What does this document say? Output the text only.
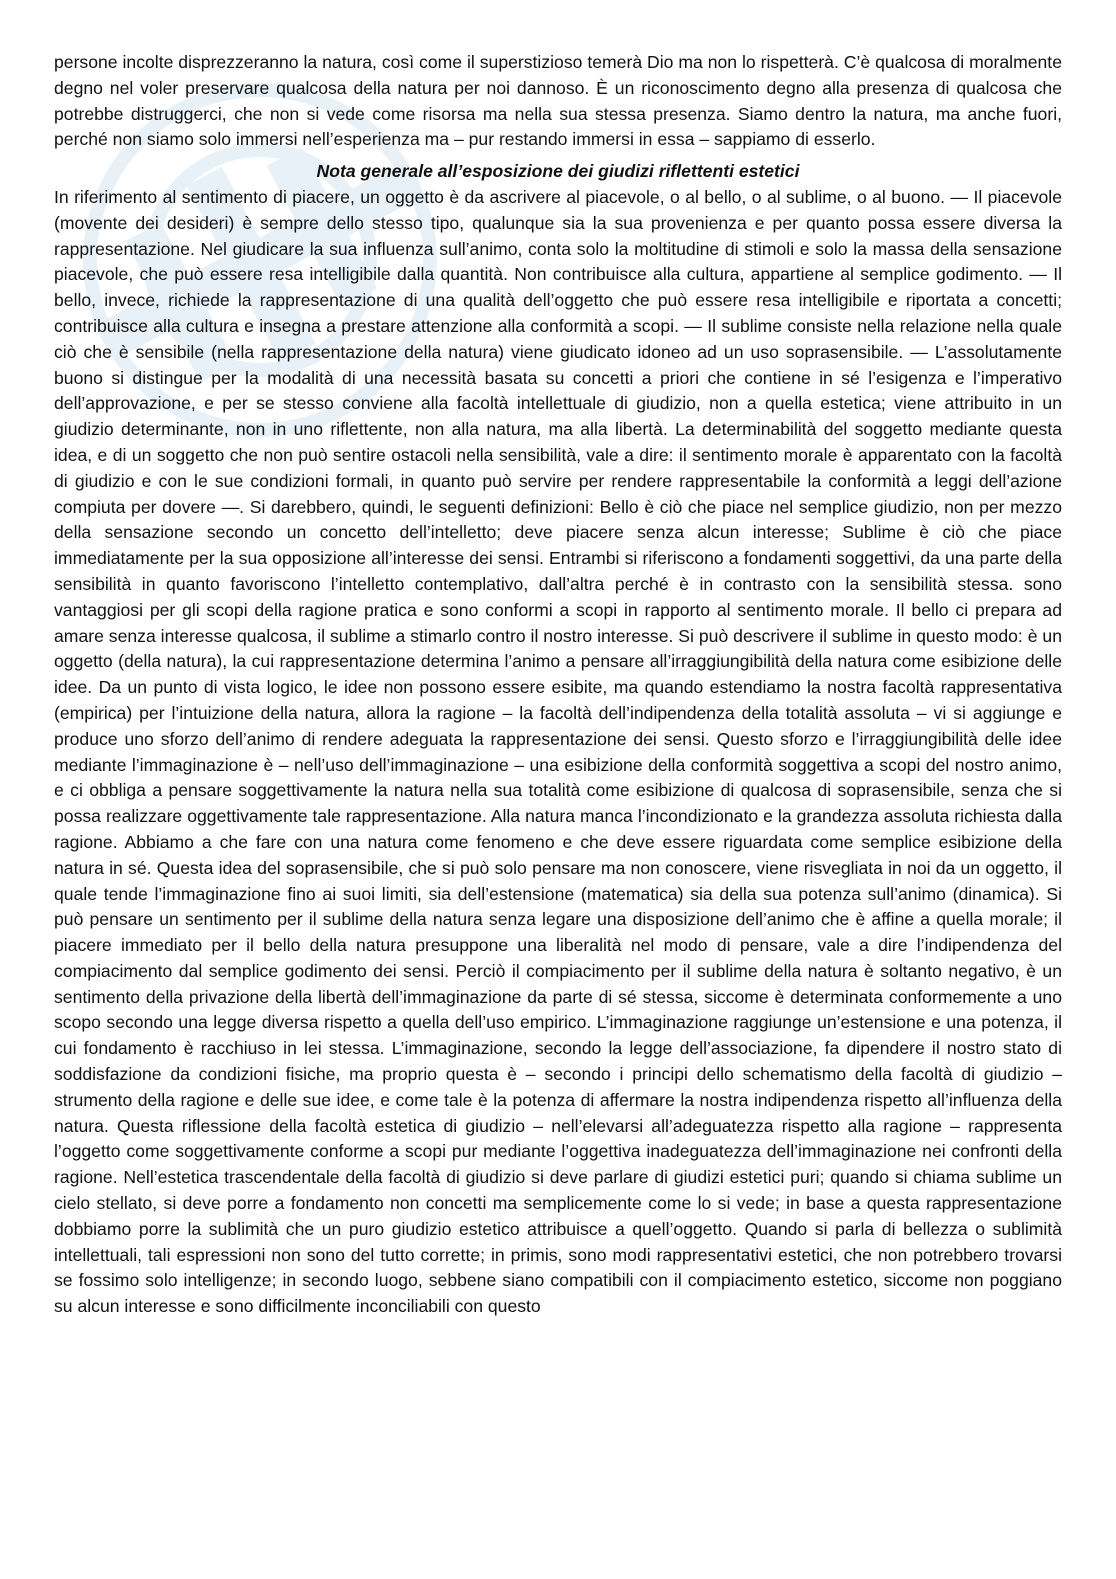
persone incolte disprezzeranno la natura, così come il superstizioso temerà Dio ma non lo rispetterà. C’è qualcosa di moralmente degno nel voler preservare qualcosa della natura per noi dannoso. È un riconoscimento degno alla presenza di qualcosa che potrebbe distruggerci, che non si vede come risorsa ma nella sua stessa presenza. Siamo dentro la natura, ma anche fuori, perché non siamo solo immersi nell’esperienza ma – pur restando immersi in essa – sappiamo di esserlo.

Nota generale all’esposizione dei giudizi riflettenti estetici

In riferimento al sentimento di piacere, un oggetto è da ascrivere al piacevole, o al bello, o al sublime, o al buono. — Il piacevole (movente dei desideri) è sempre dello stesso tipo, qualunque sia la sua provenienza e per quanto possa essere diversa la rappresentazione. Nel giudicare la sua influenza sull’animo, conta solo la moltitudine di stimoli e solo la massa della sensazione piacevole, che può essere resa intelligibile dalla quantità. Non contribuisce alla cultura, appartiene al semplice godimento. — Il bello, invece, richiede la rappresentazione di una qualità dell’oggetto che può essere resa intelligibile e riportata a concetti; contribuisce alla cultura e insegna a prestare attenzione alla conformità a scopi. — Il sublime consiste nella relazione nella quale ciò che è sensibile (nella rappresentazione della natura) viene giudicato idoneo ad un uso soprasensibile. — L’assolutamente buono si distingue per la modalità di una necessità basata su concetti a priori che contiene in sé l’esigenza e l’imperativo dell’approvazione, e per se stesso conviene alla facoltà intellettuale di giudizio, non a quella estetica; viene attribuito in un giudizio determinante, non in uno riflettente, non alla natura, ma alla libertà. La determinabilità del soggetto mediante questa idea, e di un soggetto che non può sentire ostacoli nella sensibilità, vale a dire: il sentimento morale è apparentato con la facoltà di giudizio e con le sue condizioni formali, in quanto può servire per rendere rappresentabile la conformità a leggi dell’azione compiuta per dovere —. Si darebbero, quindi, le seguenti definizioni: Bello è ciò che piace nel semplice giudizio, non per mezzo della sensazione secondo un concetto dell’intelletto; deve piacere senza alcun interesse; Sublime è ciò che piace immediatamente per la sua opposizione all’interesse dei sensi. Entrambi si riferiscono a fondamenti soggettivi, da una parte della sensibilità in quanto favoriscono l’intelletto contemplativo, dall’altra perché è in contrasto con la sensibilità stessa. sono vantaggiosi per gli scopi della ragione pratica e sono conformi a scopi in rapporto al sentimento morale. Il bello ci prepara ad amare senza interesse qualcosa, il sublime a stimarlo contro il nostro interesse. Si può descrivere il sublime in questo modo: è un oggetto (della natura), la cui rappresentazione determina l’animo a pensare all’irraggiungibilità della natura come esibizione delle idee. Da un punto di vista logico, le idee non possono essere esibite, ma quando estendiamo la nostra facoltà rappresentativa (empirica) per l’intuizione della natura, allora la ragione – la facoltà dell’indipendenza della totalità assoluta – vi si aggiunge e produce uno sforzo dell’animo di rendere adeguata la rappresentazione dei sensi. Questo sforzo e l’irraggiungibilità delle idee mediante l’immaginazione è – nell’uso dell’immaginazione – una esibizione della conformità soggettiva a scopi del nostro animo, e ci obbliga a pensare soggettivamente la natura nella sua totalità come esibizione di qualcosa di soprasensibile, senza che si possa realizzare oggettivamente tale rappresentazione. Alla natura manca l’incondizionato e la grandezza assoluta richiesta dalla ragione. Abbiamo a che fare con una natura come fenomeno e che deve essere riguardata come semplice esibizione della natura in sé. Questa idea del soprasensibile, che si può solo pensare ma non conoscere, viene risvegliata in noi da un oggetto, il quale tende l’immaginazione fino ai suoi limiti, sia dell’estensione (matematica) sia della sua potenza sull’animo (dinamica). Si può pensare un sentimento per il sublime della natura senza legare una disposizione dell’animo che è affine a quella morale; il piacere immediato per il bello della natura presuppone una liberalità nel modo di pensare, vale a dire l’indipendenza del compiacimento dal semplice godimento dei sensi. Perciò il compiacimento per il sublime della natura è soltanto negativo, è un sentimento della privazione della libertà dell’immaginazione da parte di sé stessa, siccome è determinata conformemente a uno scopo secondo una legge diversa rispetto a quella dell’uso empirico. L’immaginazione raggiunge un’estensione e una potenza, il cui fondamento è racchiuso in lei stessa. L’immaginazione, secondo la legge dell’associazione, fa dipendere il nostro stato di soddisfazione da condizioni fisiche, ma proprio questa è – secondo i principi dello schematismo della facoltà di giudizio – strumento della ragione e delle sue idee, e come tale è la potenza di affermare la nostra indipendenza rispetto all’influenza della natura. Questa riflessione della facoltà estetica di giudizio – nell’elevarsi all’adeguatezza rispetto alla ragione – rappresenta l’oggetto come soggettivamente conforme a scopi pur mediante l’oggettiva inadeguatezza dell’immaginazione nei confronti della ragione. Nell’estetica trascendentale della facoltà di giudizio si deve parlare di giudizi estetici puri; quando si chiama sublime un cielo stellato, si deve porre a fondamento non concetti ma semplicemente come lo si vede; in base a questa rappresentazione dobbiamo porre la sublimità che un puro giudizio estetico attribuisce a quell’oggetto. Quando si parla di bellezza o sublimità intellettuali, tali espressioni non sono del tutto corrette; in primis, sono modi rappresentativi estetici, che non potrebbero trovarsi se fossimo solo intelligenze; in secondo luogo, sebbene siano compatibili con il compiacimento estetico, siccome non poggiano su alcun interesse e sono difficilmente inconciliabili con questo
